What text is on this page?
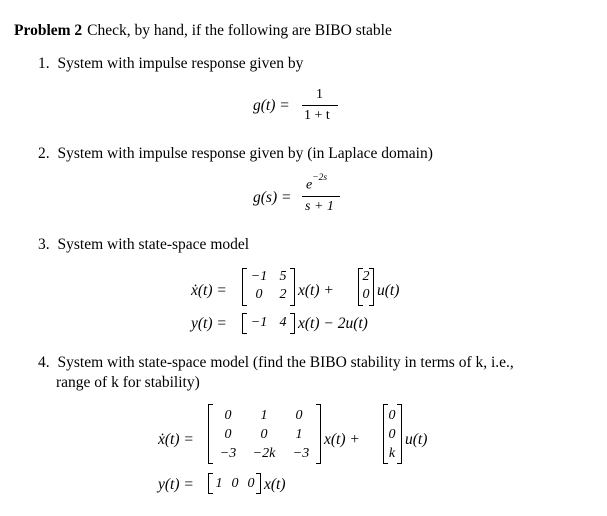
Problem 2 Check, by hand, if the following are BIBO stable
1. System with impulse response given by
g(t) =
1
1 + t
2. System with impulse response given by (in Laplace domain)
g(s) =
$e^{-2s}$
s + 1
3. System with state-space model
ẋ(t) =
−1 5
0	2 x(t) +
2
0 u(t)
y(t) = −1 4 x(t) − 2u(t)
4. System with state-space model (find the BIBO stability in terms of k, i.e.,
range of k for stability)
ẋ(t) =
0	1	0
0	0	1
−3	−2k	−3
x(t) +
0
0
k
u(t)
y(t) = 1 0 0 x(t)
